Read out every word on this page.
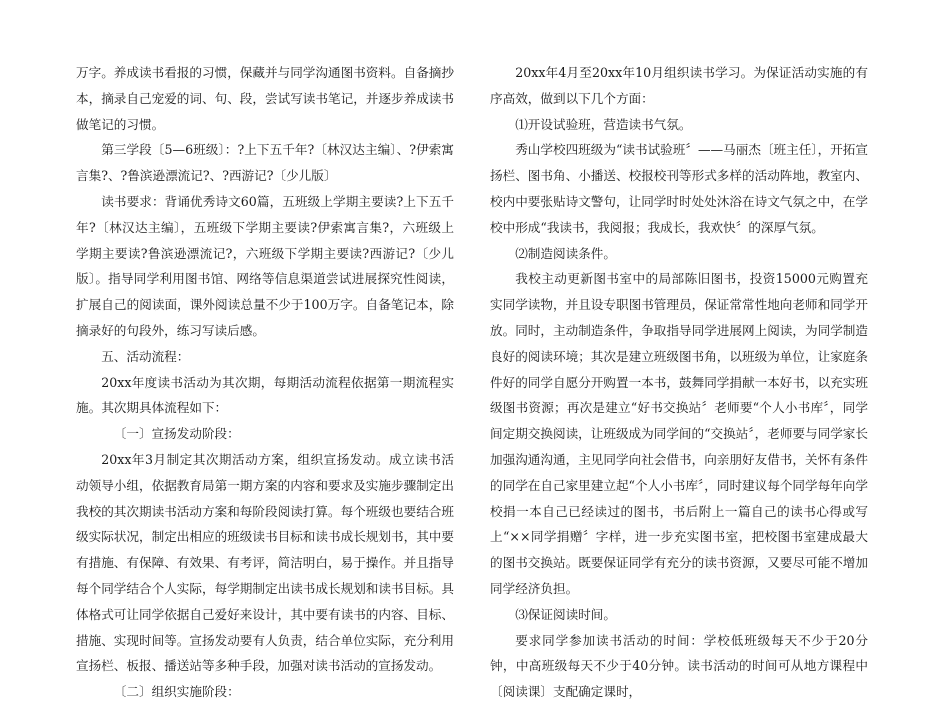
万字。养成读书看报的习惯，保藏并与同学沟通图书资料。自备摘抄本，摘录自己宠爱的词、句、段，尝试写读书笔记，并逐步养成读书做笔记的习惯。

第三学段〔5—6班级〕：?上下五千年?〔林汉达主编〕、?伊索寓言集?、?鲁滨逊漂流记?、?西游记?〔少儿版〕

读书要求：背诵优秀诗文60篇，五班级上学期主要读?上下五千年?〔林汉达主编〕，五班级下学期主要读?伊索寓言集?，六班级上学期主要读?鲁滨逊漂流记?，六班级下学期主要读?西游记?〔少儿版〕。指导同学利用图书馆、网络等信息渠道尝试进展探究性阅读，扩展自己的阅读面，课外阅读总量不少于100万字。自备笔记本，除摘录好的句段外，练习写读后感。

五、活动流程：

20xx年度读书活动为其次期，每期活动流程依据第一期流程实施。其次期具体流程如下：

〔一〕宣扬发动阶段：

20xx年3月制定其次期活动方案，组织宣扬发动。成立读书活动领导小组，依据教育局第一期方案的内容和要求及实施步骤制定出我校的其次期读书活动方案和每阶段阅读打算。每个班级也要结合班级实际状况，制定出相应的班级读书目标和读书成长规划书，其中要有措施、有保障、有效果、有考评，简洁明白，易于操作。并且指导每个同学结合个人实际，每学期制定出读书成长规划和读书目标。具体格式可让同学依据自己爱好来设计，其中要有读书的内容、目标、措施、实现时间等。宣扬发动要有人负责，结合单位实际，充分利用宣扬栏、板报、播送站等多种手段，加强对读书活动的宣扬发动。

〔二〕组织实施阶段：

20xx年4月至20xx年10月组织读书学习。为保证活动实施的有序高效，做到以下几个方面：

⑴开设试验班，营造读书气氛。

秀山学校四班级为“读书试验班〞——马丽杰〔班主任〕，开拓宣扬栏、图书角、小播送、校报校刊等形式多样的活动阵地，教室内、校内中要张贴诗文警句，让同学时时处处沐浴在诗文气氛之中，在学校中形成“我读书，我阅报；我成长，我欢快〞的深厚气氛。

⑵制造阅读条件。

我校主动更新图书室中的局部陈旧图书，投资15000元购置充实同学读物，并且设专职图书管理员，保证常常性地向老师和同学开放。同时，主动制造条件，争取指导同学进展网上阅读，为同学制造良好的阅读环境；其次是建立班级图书角，以班级为单位，让家庭条件好的同学自愿分开购置一本书，鼓舞同学捐献一本好书，以充实班级图书资源；再次是建立“好书交换站〞老师要“个人小书库〞，同学间定期交换阅读，让班级成为同学间的“交换站〞，老师要与同学家长加强沟通沟通，主见同学向社会借书，向亲朋好友借书，关怀有条件的同学在自己家里建立起“个人小书库〞，同时建议每个同学每年向学校捐一本自己已经读过的图书，书后附上一篇自己的读书心得或写上“××同学捐赠〞字样，进一步充实图书室，把校图书室建成最大的图书交换站。既要保证同学有充分的读书资源，又要尽可能不增加同学经济负担。

⑶保证阅读时间。

要求同学参加读书活动的时间：学校低班级每天不少于20分钟，中高班级每天不少于40分钟。读书活动的时间可从地方课程中〔阅读课〕支配确定课时，
